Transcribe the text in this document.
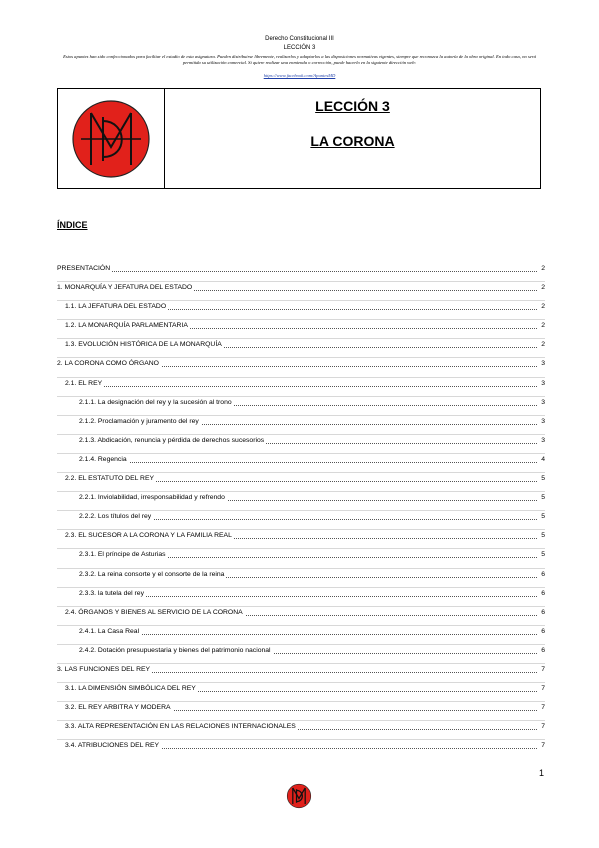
Derecho Constitucional III
LECCIÓN 3
Estos apuntes han sido confeccionados para facilitar el estudio de esta asignatura. Pueden distribuirse libremente, realizarlos y adaptarlos a las disposiciones normativas vigentes, siempre que reconozca la autoría de la obra original. En todo caso, no será permitida su utilización comercial. Si quiere realizar una enmienda o corrección, puede hacerlo en la siguiente dirección web:
https://www.facebook.com/ApuntesMD
LECCIÓN 3
LA CORONA
ÍNDICE
PRESENTACIÓN	2
1. MONARQUÍA Y JEFATURA DEL ESTADO	2
1.1. LA JEFATURA DEL ESTADO	2
1.2. LA MONARQUÍA PARLAMENTARIA	2
1.3. EVOLUCIÓN HISTÓRICA DE LA MONARQUÍA	2
2. LA CORONA COMO ÓRGANO	3
2.1. EL REY	3
2.1.1. La designación del rey y la sucesión al trono	3
2.1.2. Proclamación y juramento del rey	3
2.1.3. Abdicación, renuncia y pérdida de derechos sucesorios	3
2.1.4. Regencia	4
2.2. EL ESTATUTO DEL REY	5
2.2.1. Inviolabilidad, irresponsabilidad y refrendo	5
2.2.2. Los títulos del rey	5
2.3. EL SUCESOR A LA CORONA Y LA FAMILIA REAL	5
2.3.1. El príncipe de Asturias	5
2.3.2. La reina consorte y el consorte de la reina	6
2.3.3. la tutela del rey	6
2.4. ÓRGANOS Y BIENES AL SERVICIO DE LA CORONA	6
2.4.1. La Casa Real	6
2.4.2. Dotación presupuestaria y bienes del patrimonio nacional	6
3. LAS FUNCIONES DEL REY	7
3.1. LA DIMENSIÓN SIMBÓLICA DEL REY	7
3.2. EL REY ARBITRA Y MODERA	7
3.3. ALTA REPRESENTACIÓN EN LAS RELACIONES INTERNACIONALES	7
3.4. ATRIBUCIONES DEL REY	7
1
